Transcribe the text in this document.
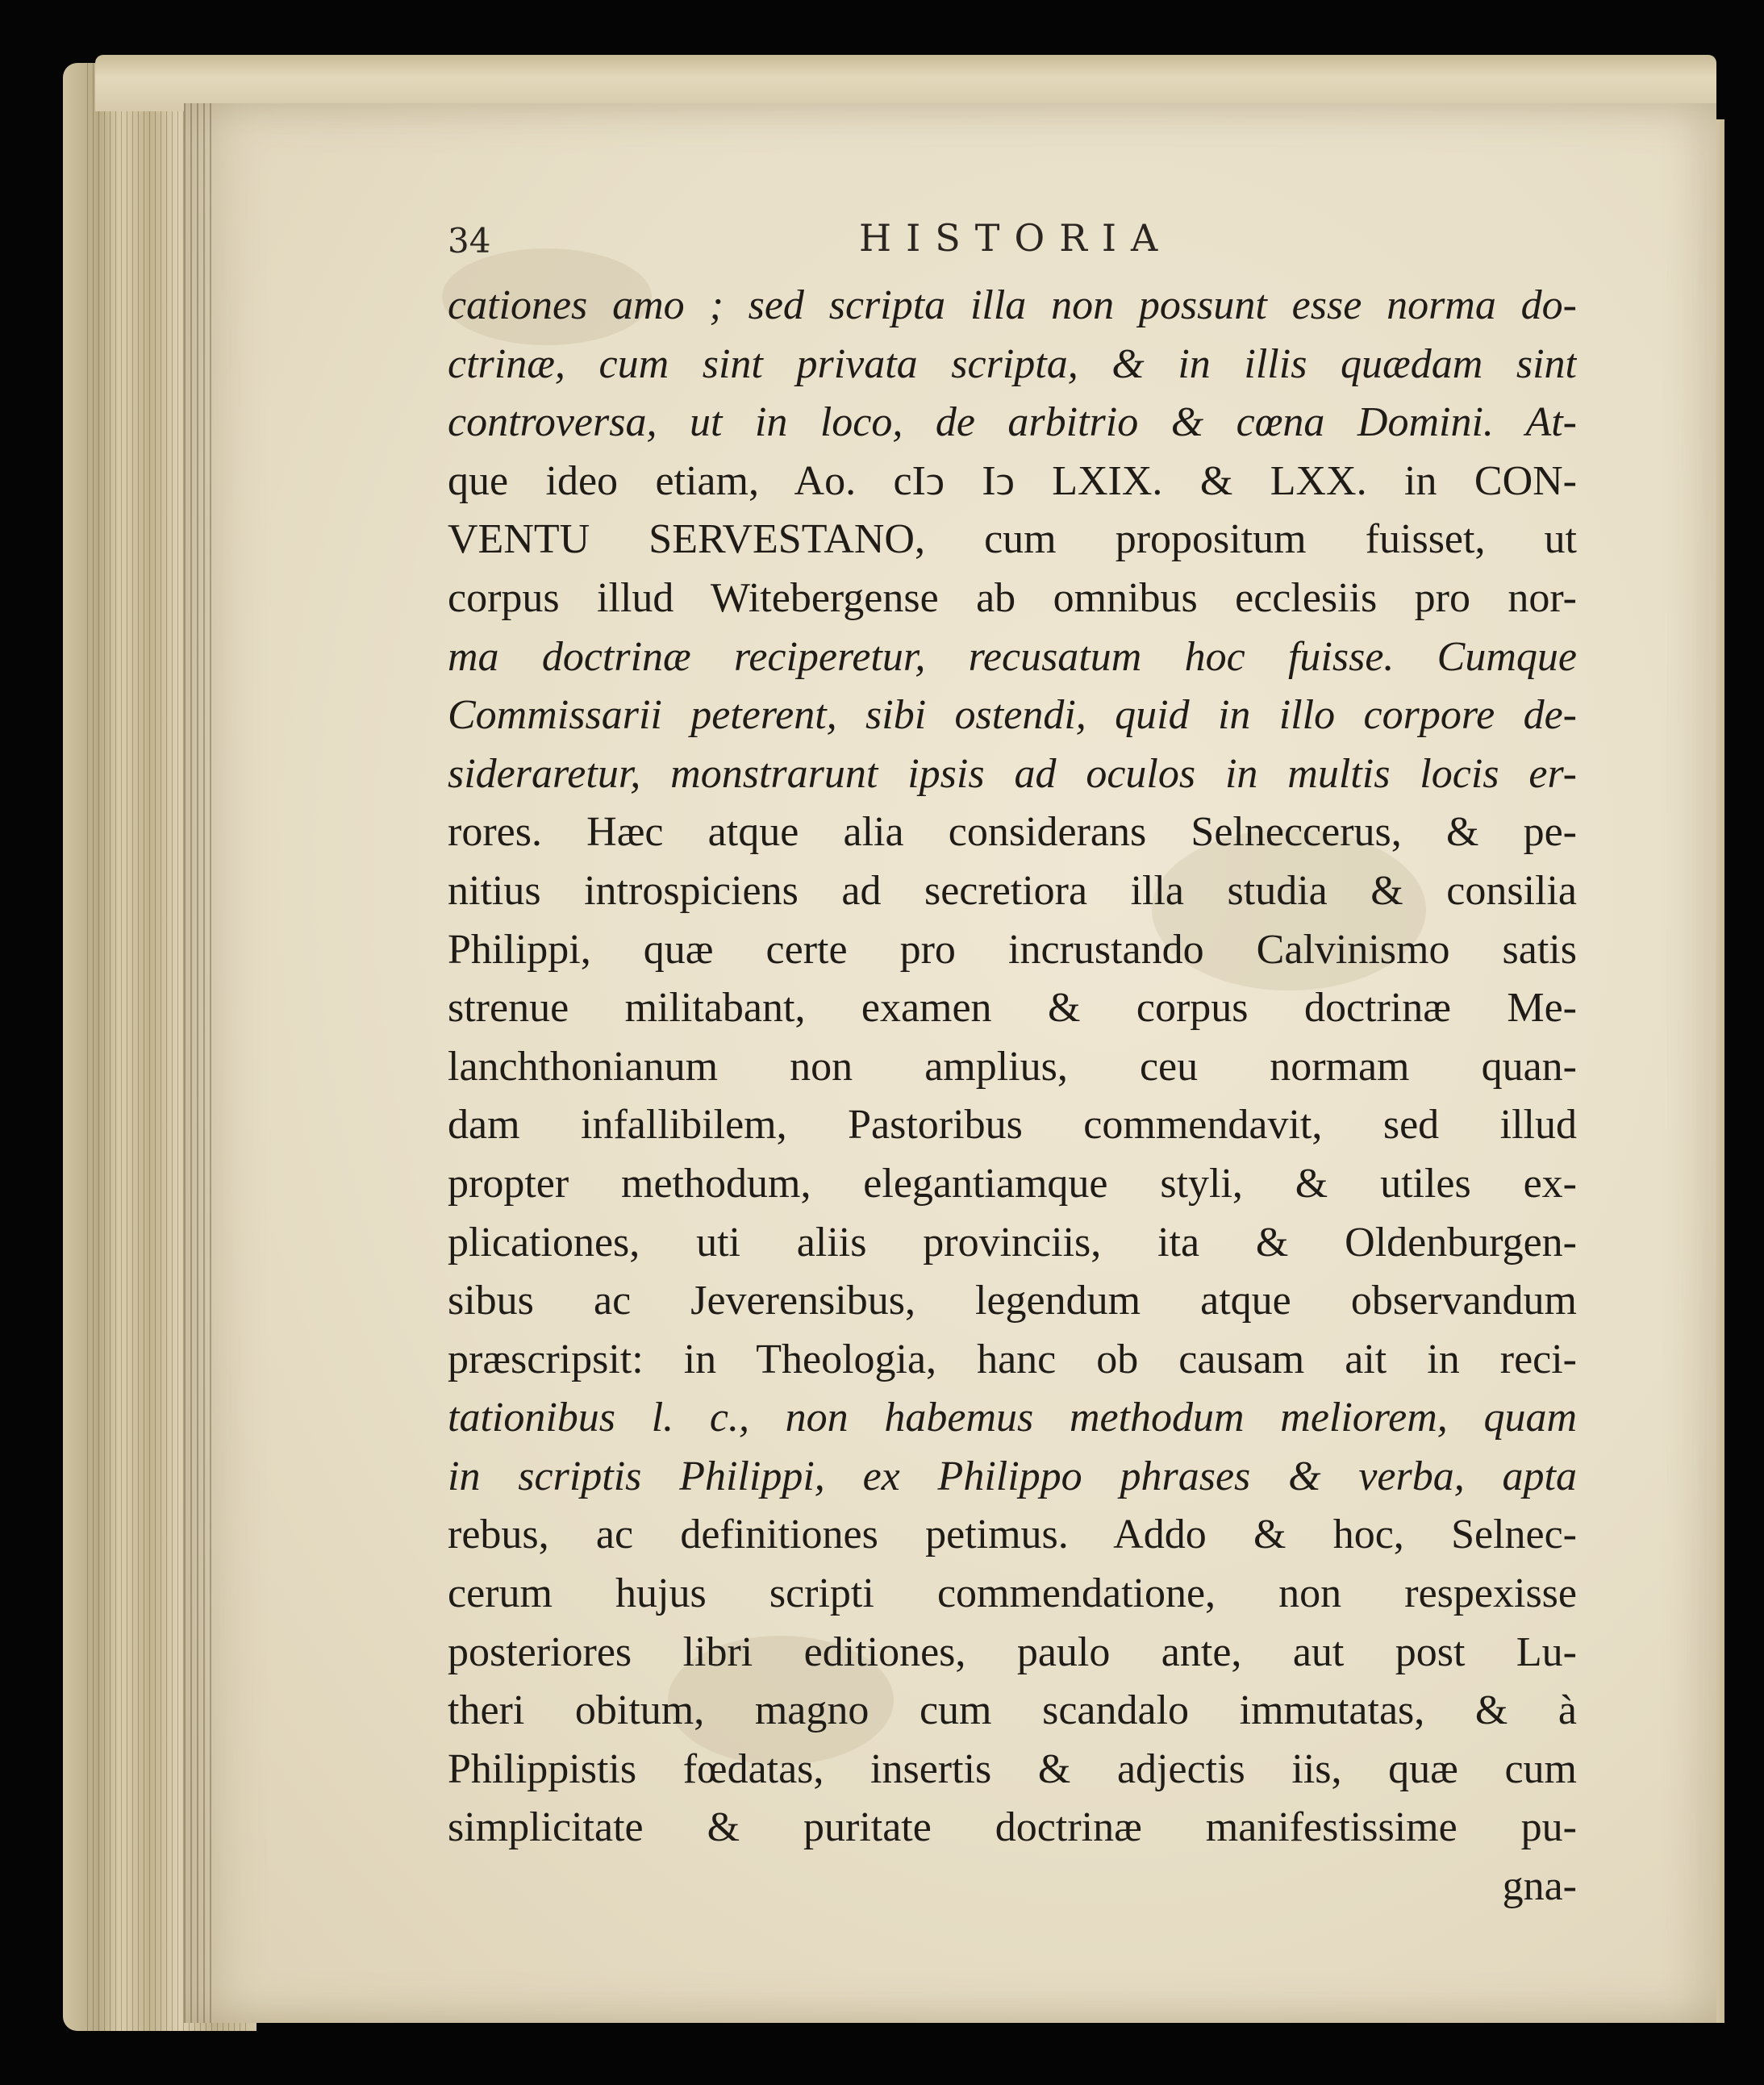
34	HISTORIA
cationes amo ; sed scripta illa non possunt esse norma do-
ctrinæ, cum sint privata scripta, & in illis quædam sint
controversa, ut in loco, de arbitrio & cœna Domini. At-
que ideo etiam, Ao. cIↄ Iↄ LXIX. & LXX. in CON-
VENTU SERVESTANO, cum propositum fuisset, ut
corpus illud Witebergense ab omnibus ecclesiis pro nor-
ma doctrinæ reciperetur, recusatum hoc fuisse. Cumque
Commissarii peterent, sibi ostendi, quid in illo corpore de-
sideraretur, monstrarunt ipsis ad oculos in multis locis er-
rores. Hæc atque alia considerans Selneccerus, & pe-
nitius introspiciens ad secretiora illa studia & consilia
Philippi, quæ certe pro incrustando Calvinismo satis
strenue militabant, examen & corpus doctrinæ Me-
lanchthonianum non amplius, ceu normam quan-
dam infallibilem, Pastoribus commendavit, sed illud
propter methodum, elegantiamque styli, & utiles ex-
plicationes, uti aliis provinciis, ita & Oldenburgen-
sibus ac Jeverensibus, legendum atque observandum
præscripsit: in Theologia, hanc ob causam ait in reci-
tationibus l. c., non habemus methodum meliorem, quam
in scriptis Philippi, ex Philippo phrases & verba, apta
rebus, ac definitiones petimus. Addo & hoc, Selnec-
cerum hujus scripti commendatione, non respexisse
posteriores libri editiones, paulo ante, aut post Lu-
theri obitum, magno cum scandalo immutatas, & à
Philippistis fœdatas, insertis & adjectis iis, quæ cum
simplicitate & puritate doctrinæ manifestissime pu-
gna-
